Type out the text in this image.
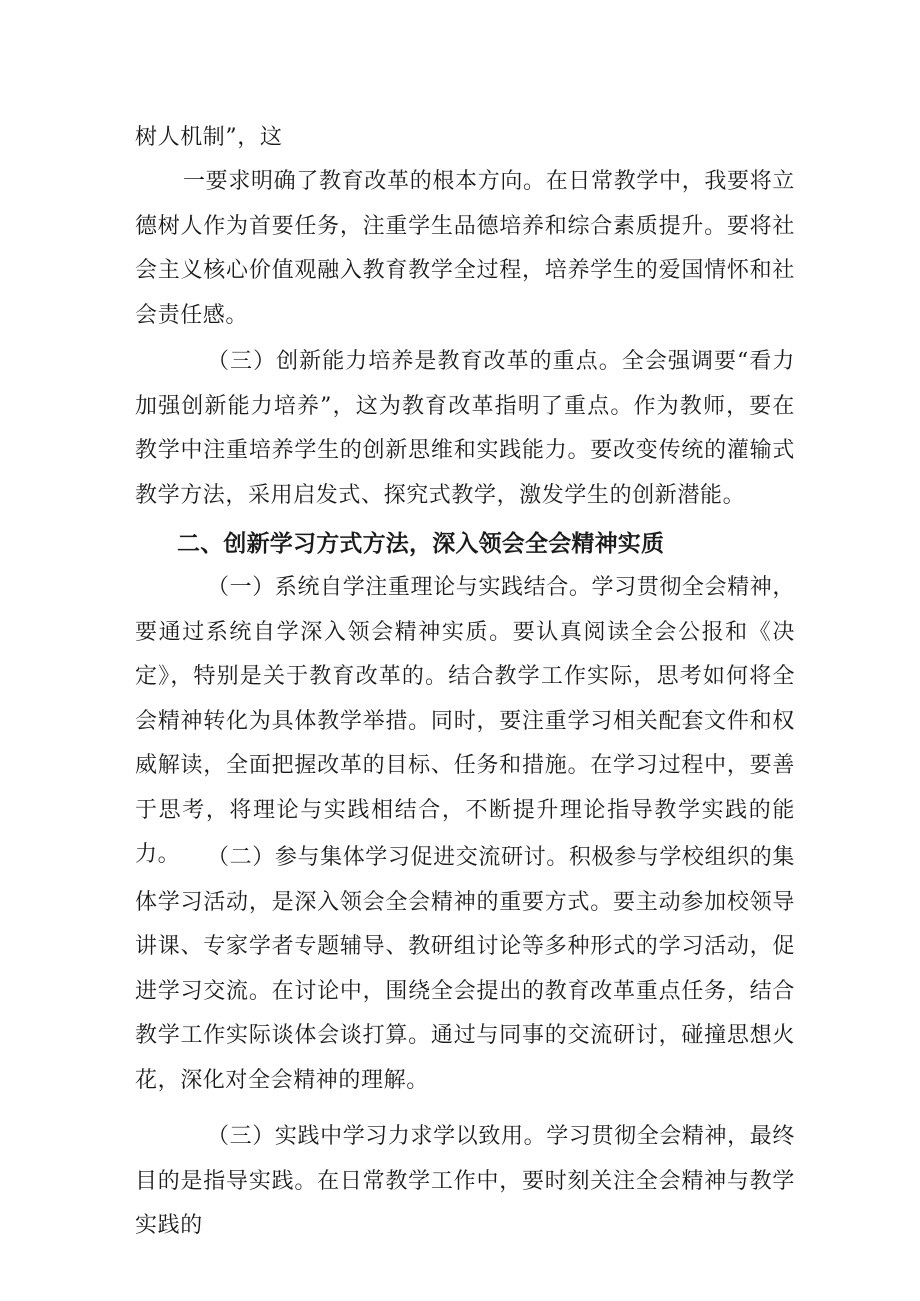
树人机制”，这

一要求明确了教育改革的根本方向。在日常教学中，我要将立德树人作为首要任务，注重学生品德培养和综合素质提升。要将社会主义核心价值观融入教育教学全过程，培养学生的爱国情怀和社会责任感。

（三）创新能力培养是教育改革的重点。全会强调要“看力加强创新能力培养”，这为教育改革指明了重点。作为教师，要在教学中注重培养学生的创新思维和实践能力。要改变传统的灌输式教学方法，采用启发式、探究式教学，激发学生的创新潜能。

二、创新学习方式方法，深入领会全会精神实质

（一）系统自学注重理论与实践结合。学习贯彻全会精神，要通过系统自学深入领会精神实质。要认真阅读全会公报和《决定》，特别是关于教育改革的。结合教学工作实际，思考如何将全会精神转化为具体教学举措。同时，要注重学习相关配套文件和权威解读，全面把握改革的目标、任务和措施。在学习过程中，要善于思考，将理论与实践相结合，不断提升理论指导教学实践的能力。	（二）参与集体学习促进交流研讨。积极参与学校组织的集体学习活动，是深入领会全会精神的重要方式。要主动参加校领导讲课、专家学者专题辅导、教研组讨论等多种形式的学习活动，促进学习交流。在讨论中，围绕全会提出的教育改革重点任务，结合教学工作实际谈体会谈打算。通过与同事的交流研讨，碰撞思想火花，深化对全会精神的理解。

（三）实践中学习力求学以致用。学习贯彻全会精神，最终目的是指导实践。在日常教学工作中，要时刻关注全会精神与教学实践的
